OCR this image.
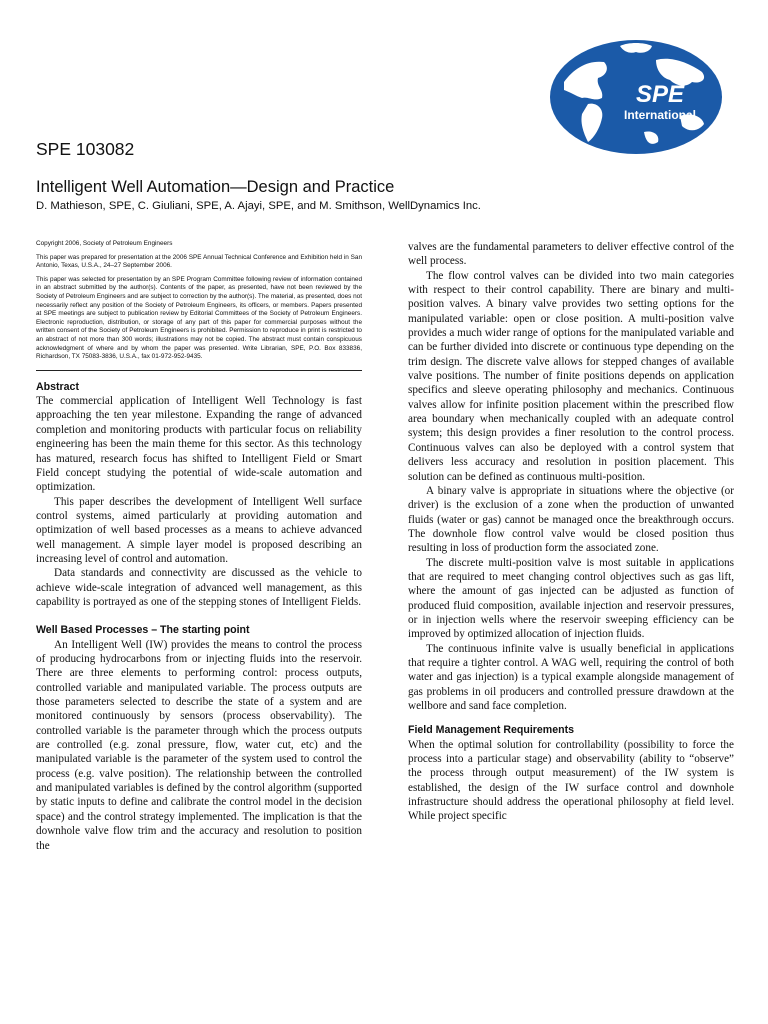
SPE
International
SPE 103082
Intelligent Well Automation—Design and Practice
D. Mathieson, SPE, C. Giuliani, SPE, A. Ajayi, SPE, and M. Smithson, WellDynamics Inc.

Copyright 2006, Society of Petroleum Engineers

This paper was prepared for presentation at the 2006 SPE Annual Technical Conference and Exhibition held in San Antonio, Texas, U.S.A., 24–27 September 2006.

This paper was selected for presentation by an SPE Program Committee following review of information contained in an abstract submitted by the author(s). Contents of the paper, as presented, have not been reviewed by the Society of Petroleum Engineers and are subject to correction by the author(s). The material, as presented, does not necessarily reflect any position of the Society of Petroleum Engineers, its officers, or members. Papers presented at SPE meetings are subject to publication review by Editorial Committees of the Society of Petroleum Engineers. Electronic reproduction, distribution, or storage of any part of this paper for commercial purposes without the written consent of the Society of Petroleum Engineers is prohibited. Permission to reproduce in print is restricted to an abstract of not more than 300 words; illustrations may not be copied. The abstract must contain conspicuous acknowledgment of where and by whom the paper was presented. Write Librarian, SPE, P.O. Box 833836, Richardson, TX 75083-3836, U.S.A., fax 01-972-952-9435.

Abstract

The commercial application of Intelligent Well Technology is fast approaching the ten year milestone. Expanding the range of advanced completion and monitoring products with particular focus on reliability engineering has been the main theme for this sector. As this technology has matured, research focus has shifted to Intelligent Field or Smart Field concept studying the potential of wide-scale automation and optimization.

This paper describes the development of Intelligent Well surface control systems, aimed particularly at providing automation and optimization of well based processes as a means to achieve advanced well management. A simple layer model is proposed describing an increasing level of control and automation.

Data standards and connectivity are discussed as the vehicle to achieve wide-scale integration of advanced well management, as this capability is portrayed as one of the stepping stones of Intelligent Fields.

Well Based Processes – The starting point

An Intelligent Well (IW) provides the means to control the process of producing hydrocarbons from or injecting fluids into the reservoir. There are three elements to performing control: process outputs, controlled variable and manipulated variable. The process outputs are those parameters selected to describe the state of a system and are monitored continuously by sensors (process observability). The controlled variable is the parameter through which the process outputs are controlled (e.g. zonal pressure, flow, water cut, etc) and the manipulated variable is the parameter of the system used to control the process (e.g. valve position). The relationship between the controlled and manipulated variables is defined by the control algorithm (supported by static inputs to define and calibrate the control model in the decision space) and the control strategy implemented. The implication is that the downhole valve flow trim and the accuracy and resolution to position the

valves are the fundamental parameters to deliver effective control of the well process.

The flow control valves can be divided into two main categories with respect to their control capability. There are binary and multi-position valves. A binary valve provides two setting options for the manipulated variable: open or close position. A multi-position valve provides a much wider range of options for the manipulated variable and can be further divided into discrete or continuous type depending on the trim design. The discrete valve allows for stepped changes of available valve positions. The number of finite positions depends on application specifics and sleeve operating philosophy and mechanics. Continuous valves allow for infinite position placement within the prescribed flow area boundary when mechanically coupled with an adequate control system; this design provides a finer resolution to the control process. Continuous valves can also be deployed with a control system that delivers less accuracy and resolution in position placement. This solution can be defined as continuous multi-position.

A binary valve is appropriate in situations where the objective (or driver) is the exclusion of a zone when the production of unwanted fluids (water or gas) cannot be managed once the breakthrough occurs. The downhole flow control valve would be closed position thus resulting in loss of production form the associated zone.

The discrete multi-position valve is most suitable in applications that are required to meet changing control objectives such as gas lift, where the amount of gas injected can be adjusted as function of produced fluid composition, available injection and reservoir pressures, or in injection wells where the reservoir sweeping efficiency can be improved by optimized allocation of injection fluids.

The continuous infinite valve is usually beneficial in applications that require a tighter control. A WAG well, requiring the control of both water and gas injection) is a typical example alongside management of gas problems in oil producers and controlled pressure drawdown at the wellbore and sand face completion.

Field Management Requirements

When the optimal solution for controllability (possibility to force the process into a particular stage) and observability (ability to “observe” the process through output measurement) of the IW system is established, the design of the IW surface control and downhole infrastructure should address the operational philosophy at field level. While project specific
